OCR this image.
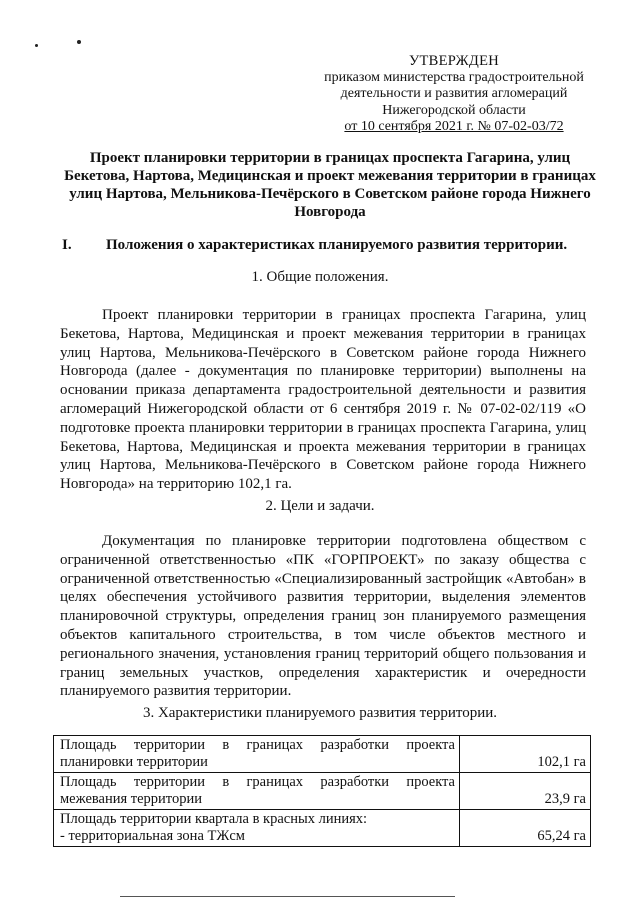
УТВЕРЖДЕН
приказом министерства градостроительной
деятельности и развития агломераций
Нижегородской области
от 10 сентября 2021 г. № 07-02-03/72
Проект планировки территории в границах проспекта Гагарина, улиц Бекетова, Нартова, Медицинская и проект межевания территории в границах улиц Нартова, Мельникова-Печёрского в Советском районе города Нижнего Новгорода
I. Положения о характеристиках планируемого развития территории.
1. Общие положения.
Проект планировки территории в границах проспекта Гагарина, улиц Бекетова, Нартова, Медицинская и проект межевания территории в границах улиц Нартова, Мельникова-Печёрского в Советском районе города Нижнего Новгорода (далее - документация по планировке территории) выполнены на основании приказа департамента градостроительной деятельности и развития агломераций Нижегородской области от 6 сентября 2019 г. № 07-02-02/119 «О подготовке проекта планировки территории в границах проспекта Гагарина, улиц Бекетова, Нартова, Медицинская и проекта межевания территории в границах улиц Нартова, Мельникова-Печёрского в Советском районе города Нижнего Новгорода» на территорию 102,1 га.
2. Цели и задачи.
Документация по планировке территории подготовлена обществом с ограниченной ответственностью «ПК «ГОРПРОЕКТ» по заказу общества с ограниченной ответственностью «Специализированный застройщик «Автобан» в целях обеспечения устойчивого развития территории, выделения элементов планировочной структуры, определения границ зон планируемого размещения объектов капитального строительства, в том числе объектов местного и регионального значения, установления границ территорий общего пользования и границ земельных участков, определения характеристик и очередности планируемого развития территории.
3. Характеристики планируемого развития территории.
Площадь территории в границах разработки проекта планировки территории	102,1 га

Площадь территории в границах разработки проекта межевания территории	23,9 га

Площадь территории квартала в красных линиях:
- территориальная зона ТЖсм	65,24 га
